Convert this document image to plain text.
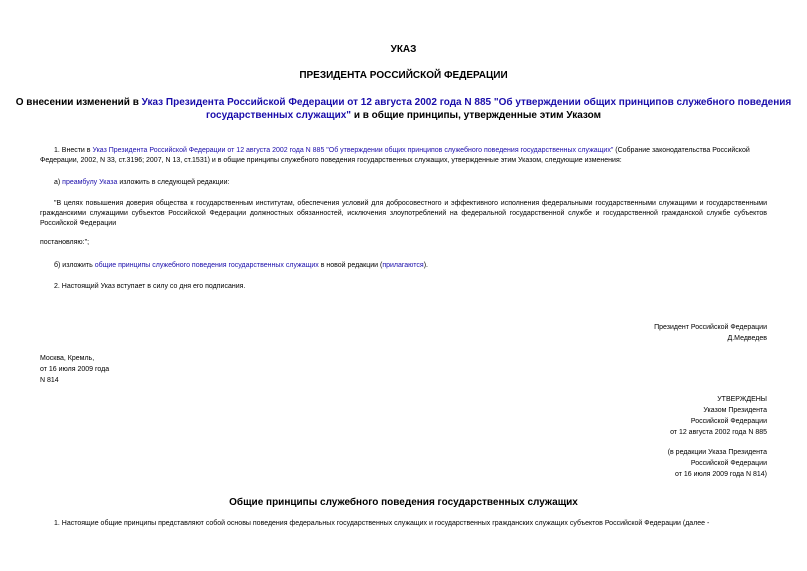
УКАЗ
ПРЕЗИДЕНТА РОССИЙСКОЙ ФЕДЕРАЦИИ
О внесении изменений в Указ Президента Российской Федерации от 12 августа 2002 года N 885 "Об утверждении общих принципов служебного поведения
государственных служащих" и в общие принципы, утвержденные этим Указом
1. Внести в Указ Президента Российской Федерации от 12 августа 2002 года N 885 "Об утверждении общих принципов служебного поведения государственных служащих" (Собрание законодательства Российской
Федерации, 2002, N 33, ст.3196; 2007, N 13, ст.1531) и в общие принципы служебного поведения государственных служащих, утвержденные этим Указом, следующие изменения:
а) преамбулу Указа изложить в следующей редакции:
"В целях повышения доверия общества к государственным институтам, обеспечения условий для добросовестного и эффективного исполнения федеральными государственными служащими и государственными гражданскими служащими субъектов Российской Федерации должностных обязанностей, исключения злоупотреблений на федеральной государственной службе и государственной гражданской службе субъектов Российской Федерации
постановляю:";
б) изложить общие принципы служебного поведения государственных служащих в новой редакции (прилагаются).
2. Настоящий Указ вступает в силу со дня его подписания.
Президент Российской Федерации
Д.Медведев
Москва, Кремль,
от 16 июля 2009 года
N 814
УТВЕРЖДЕНЫ
Указом Президента
Российской Федерации
от 12 августа 2002 года N 885
(в редакции Указа Президента
Российской Федерации
от 16 июля 2009 года N 814)
Общие принципы служебного поведения государственных служащих
1. Настоящие общие принципы представляют собой основы поведения федеральных государственных служащих и государственных гражданских служащих субъектов Российской Федерации (далее -
